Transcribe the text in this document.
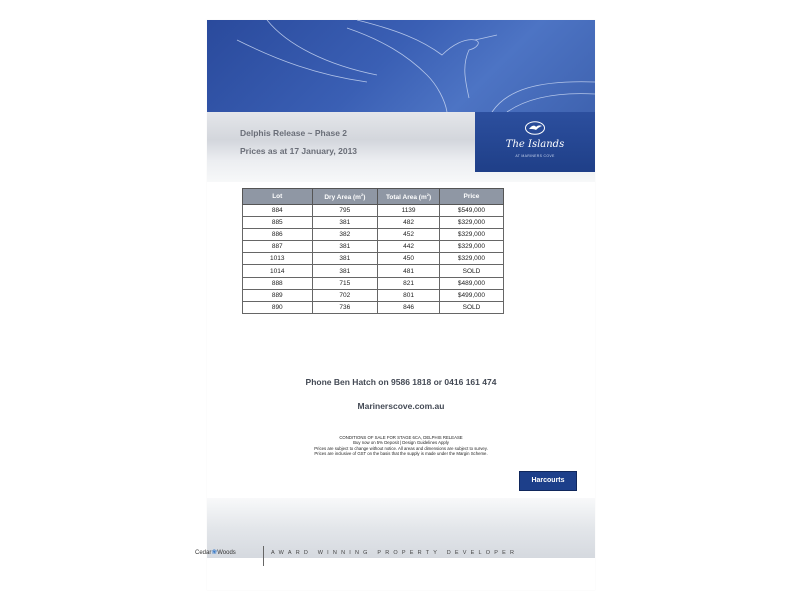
Delphis Release ~ Phase 2
Prices as at 17 January, 2013
The Islands
AT MARINERS COVE
Lot	Dry Area $(m^2)$	Total Area $(m^2)$	Price
884	795	1139	$549,000
885	381	482	$329,000
886	382	452	$329,000
887	381	442	$329,000
1013	381	450	$329,000
1014	381	481	SOLD
888	715	821	$489,000
889	702	801	$499,000
890	736	846	SOLD
Phone Ben Hatch on 9586 1818 or 0416 161 474
Marinerscove.com.au
CONDITIONS OF SALE FOR STAGE 6CA, DELPHIS RELEASE
Buy now on 5% Deposit | Design Guidelines Apply
Prices are subject to change without notice. All areas and dimensions are subject to survey.
Prices are inclusive of GST on the basis that the supply is made under the Margin Scheme.
Harcourts
Cedar❀Woods	AWARD WINNING PROPERTY DEVELOPER
